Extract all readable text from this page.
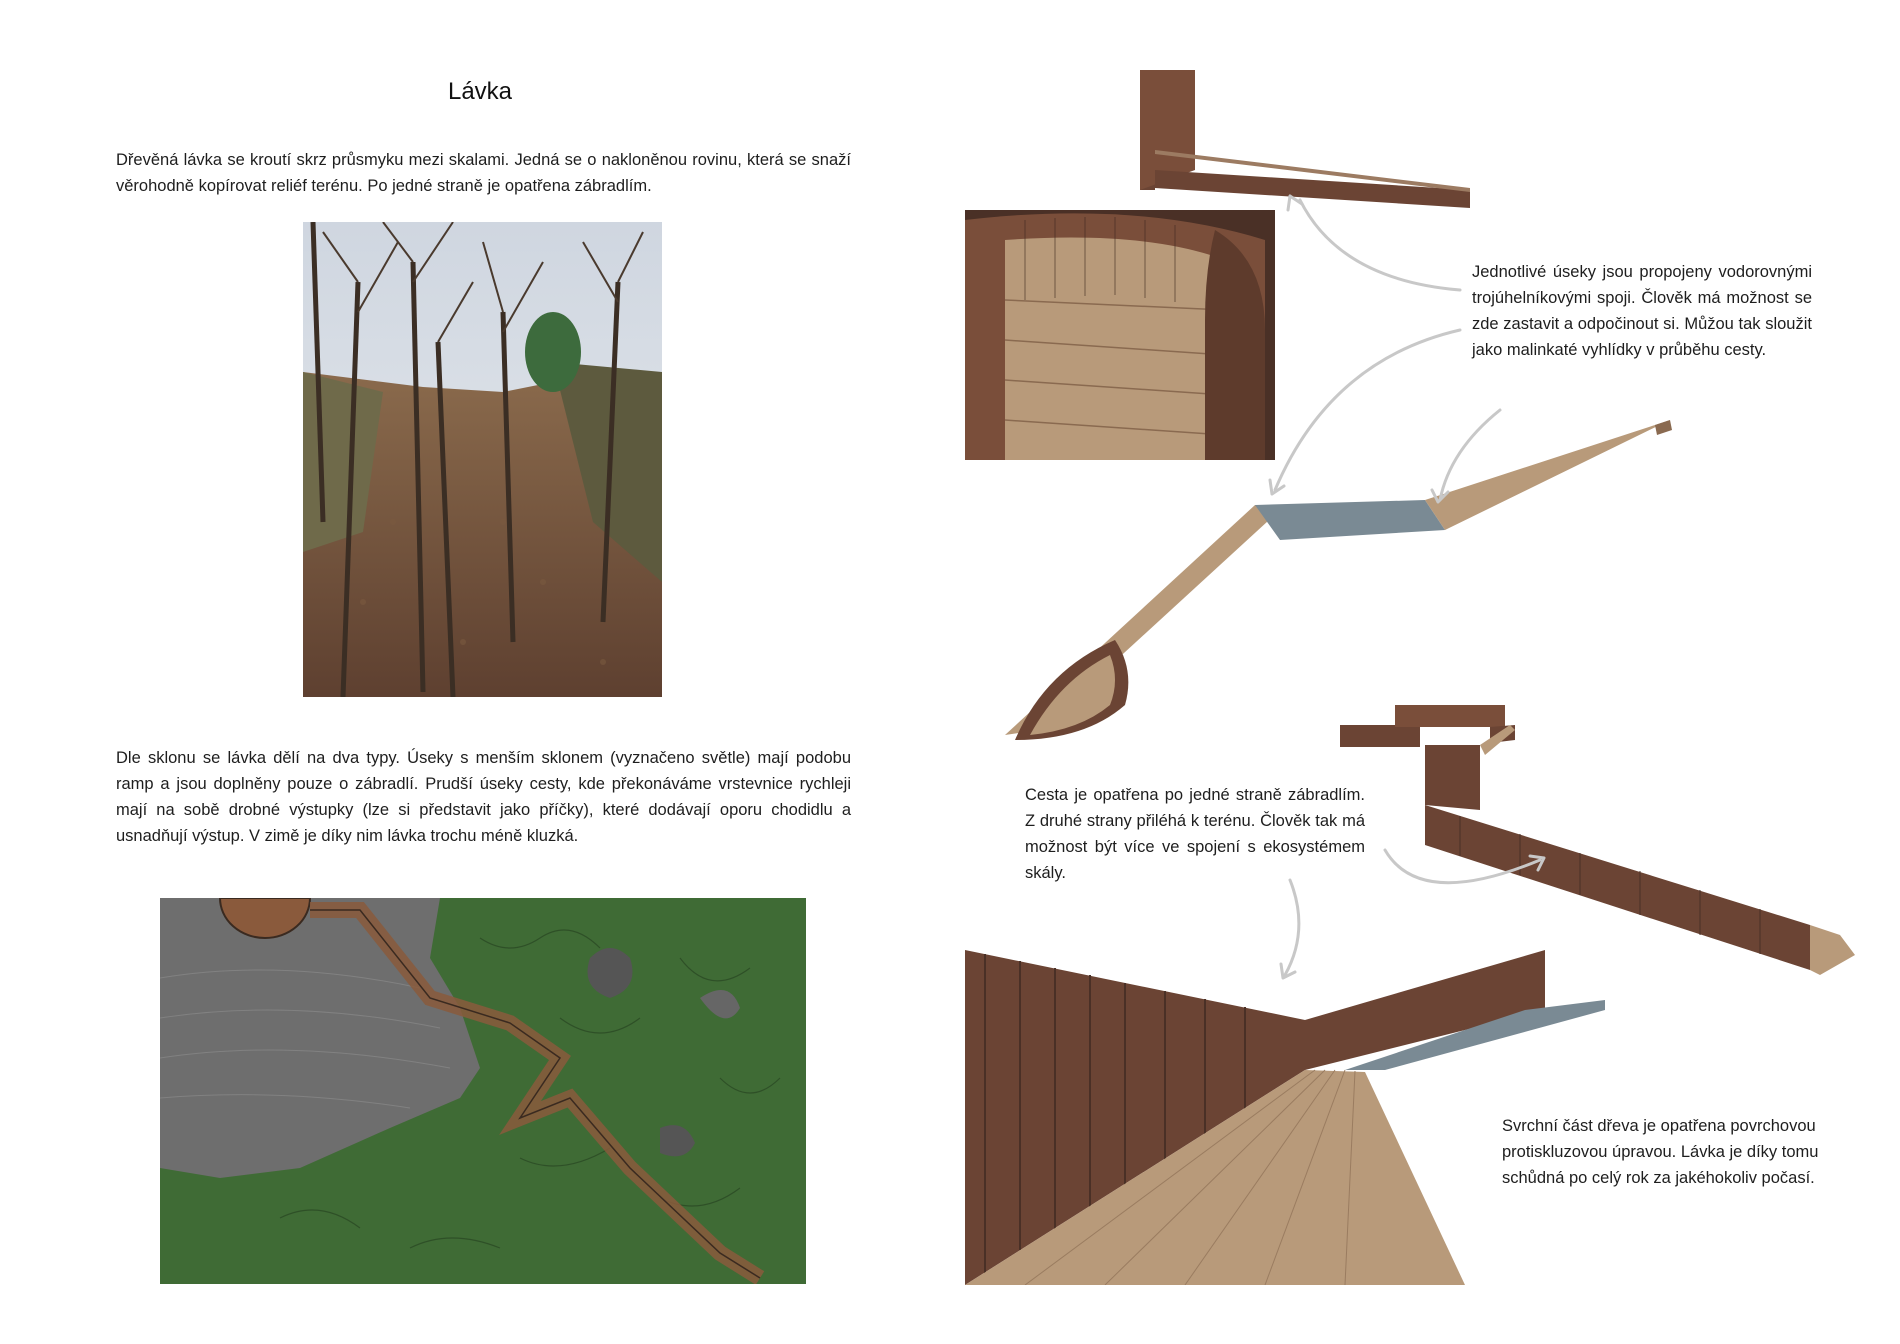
Lávka
Dřevěná lávka se kroutí skrz průsmyku mezi skalami. Jedná se o nakloněnou rovinu, která se snaží věrohodně kopírovat reliéf terénu. Po jedné straně je opatřena zábradlím.
Dle sklonu se lávka dělí na dva typy. Úseky s menším sklonem (vyznačeno světle) mají podobu ramp a jsou doplněny pouze o zábradlí. Prudší úseky cesty, kde překonáváme vrstevnice rychleji mají na sobě drobné výstupky (lze si představit jako příčky), které dodávají oporu chodidlu a usnadňují výstup. V zimě je díky nim lávka trochu méně kluzká.
Jednotlivé úseky jsou propojeny vodorovnými trojúhelníkovými spoji. Člověk má možnost se zde zastavit a odpočinout si. Můžou tak sloužit jako malinkaté vyhlídky v průběhu cesty.
Cesta je opatřena po jedné straně zábradlím. Z druhé strany přiléhá k terénu. Člověk tak má možnost být více ve spojení s ekosystémem skály.
Svrchní část dřeva je opatřena povrchovou protiskluzovou úpravou. Lávka je díky tomu schůdná po celý rok za jakéhokoliv počasí.
